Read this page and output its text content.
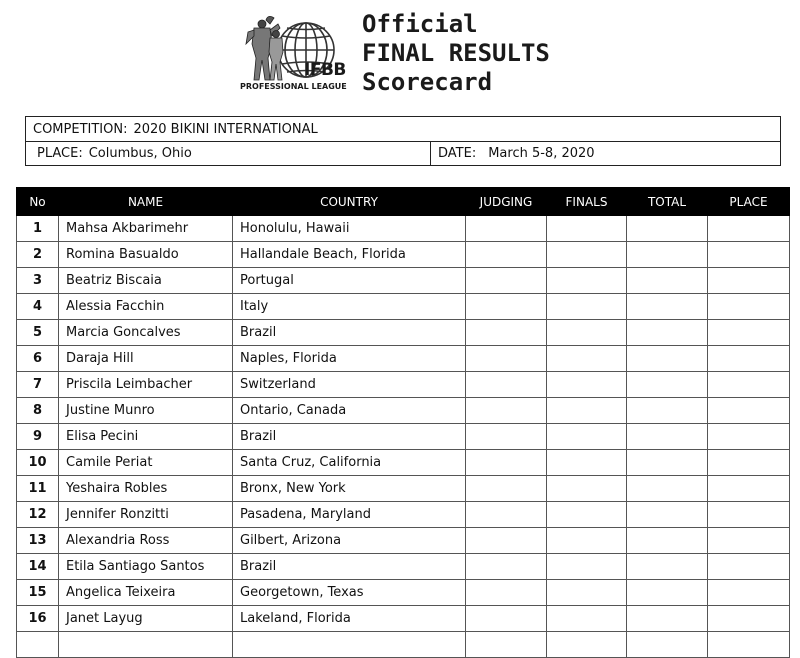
IFBB
PROFESSIONAL LEAGUE
Official
FINAL RESULTS
Scorecard
COMPETITION: 2020 BIKINI INTERNATIONAL
PLACE: Columbus, Ohio	DATE: March 5-8, 2020
No	NAME	COUNTRY	JUDGING	FINALS	TOTAL	PLACE
1	Mahsa Akbarimehr	Honolulu, Hawaii				
2	Romina Basualdo	Hallandale Beach, Florida				
3	Beatriz Biscaia	Portugal				
4	Alessia Facchin	Italy				
5	Marcia Goncalves	Brazil				
6	Daraja Hill	Naples, Florida				
7	Priscila Leimbacher	Switzerland				
8	Justine Munro	Ontario, Canada				
9	Elisa Pecini	Brazil				
10	Camile Periat	Santa Cruz, California				
11	Yeshaira Robles	Bronx, New York				
12	Jennifer Ronzitti	Pasadena, Maryland				
13	Alexandria Ross	Gilbert, Arizona				
14	Etila Santiago Santos	Brazil				
15	Angelica Teixeira	Georgetown, Texas				
16	Janet Layug	Lakeland, Florida				
